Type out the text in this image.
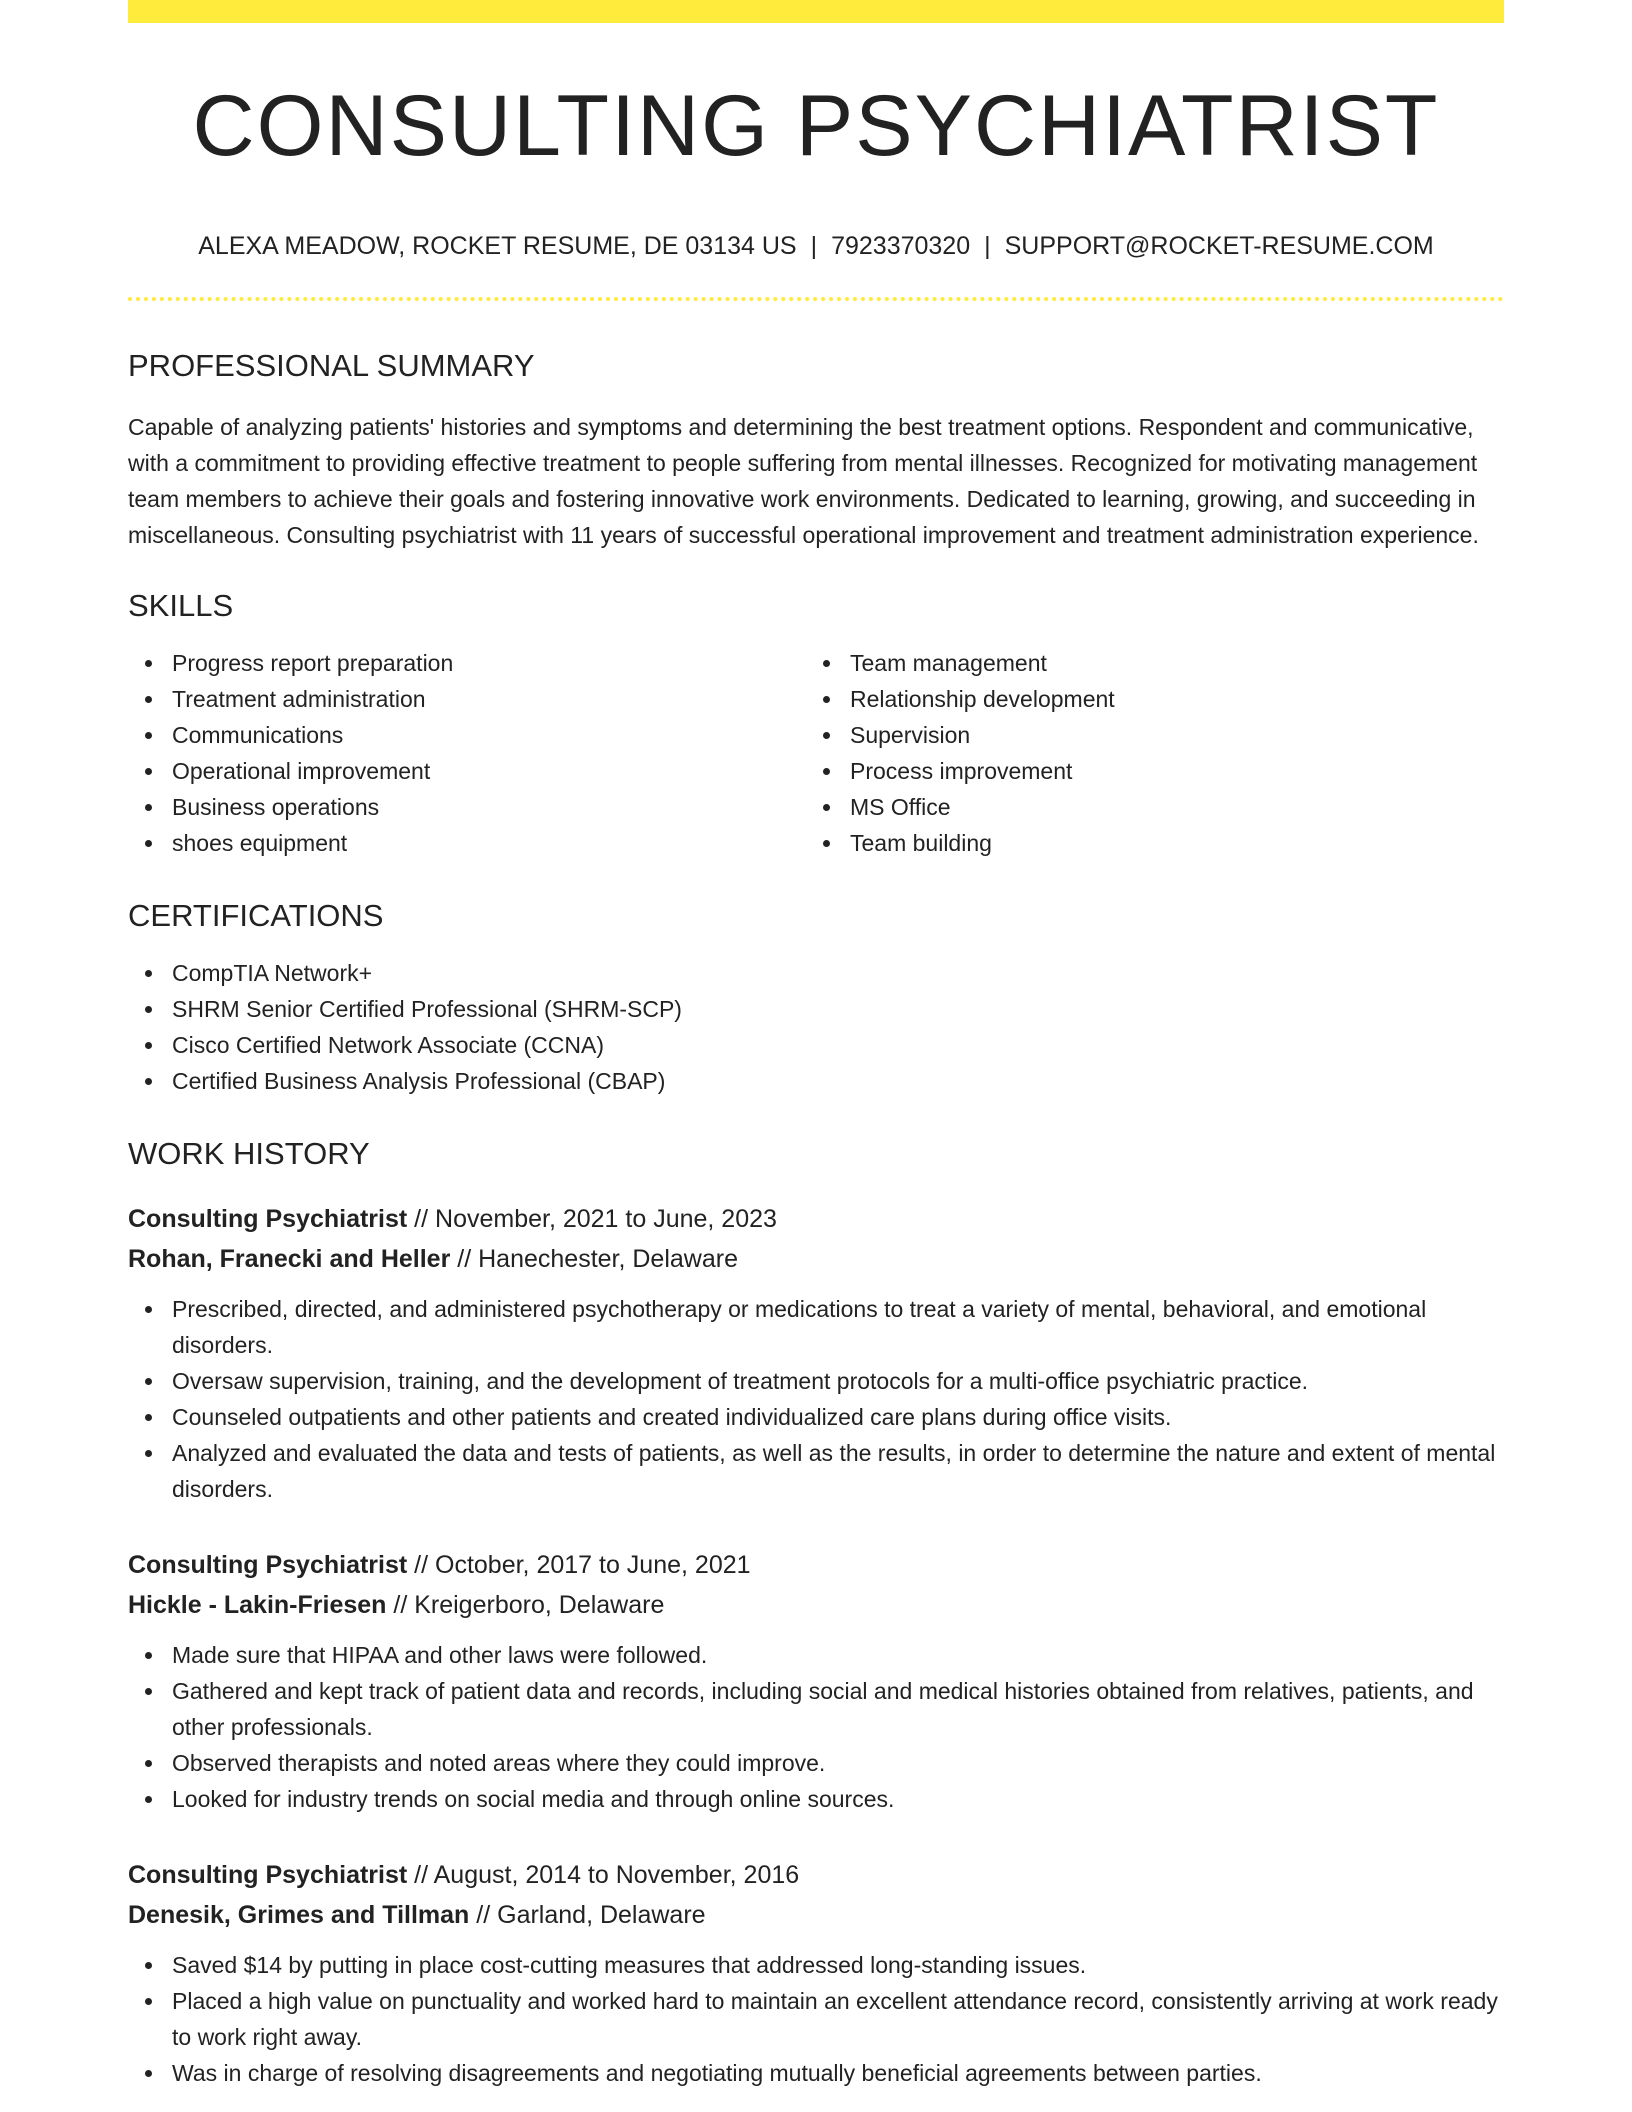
CONSULTING PSYCHIATRIST
ALEXA MEADOW, ROCKET RESUME, DE 03134 US | 7923370320 | SUPPORT@ROCKET-RESUME.COM
PROFESSIONAL SUMMARY

Capable of analyzing patients' histories and symptoms and determining the best treatment options. Respondent and communicative, with a commitment to providing effective treatment to people suffering from mental illnesses. Recognized for motivating management team members to achieve their goals and fostering innovative work environments. Dedicated to learning, growing, and succeeding in miscellaneous. Consulting psychiatrist with 11 years of successful operational improvement and treatment administration experience.

SKILLS
Progress report preparation
Treatment administration
Communications
Operational improvement
Business operations
shoes equipment
Team management
Relationship development
Supervision
Process improvement
MS Office
Team building
CERTIFICATIONS
CompTIA Network+
SHRM Senior Certified Professional (SHRM-SCP)
Cisco Certified Network Associate (CCNA)
Certified Business Analysis Professional (CBAP)
WORK HISTORY
Consulting Psychiatrist // November, 2021 to June, 2023
Rohan, Franecki and Heller // Hanechester, Delaware
Prescribed, directed, and administered psychotherapy or medications to treat a variety of mental, behavioral, and emotional disorders.
Oversaw supervision, training, and the development of treatment protocols for a multi-office psychiatric practice.
Counseled outpatients and other patients and created individualized care plans during office visits.
Analyzed and evaluated the data and tests of patients, as well as the results, in order to determine the nature and extent of mental disorders.
Consulting Psychiatrist // October, 2017 to June, 2021
Hickle - Lakin-Friesen // Kreigerboro, Delaware
Made sure that HIPAA and other laws were followed.
Gathered and kept track of patient data and records, including social and medical histories obtained from relatives, patients, and other professionals.
Observed therapists and noted areas where they could improve.
Looked for industry trends on social media and through online sources.
Consulting Psychiatrist // August, 2014 to November, 2016
Denesik, Grimes and Tillman // Garland, Delaware
Saved $14 by putting in place cost-cutting measures that addressed long-standing issues.
Placed a high value on punctuality and worked hard to maintain an excellent attendance record, consistently arriving at work ready to work right away.
Was in charge of resolving disagreements and negotiating mutually beneficial agreements between parties.
